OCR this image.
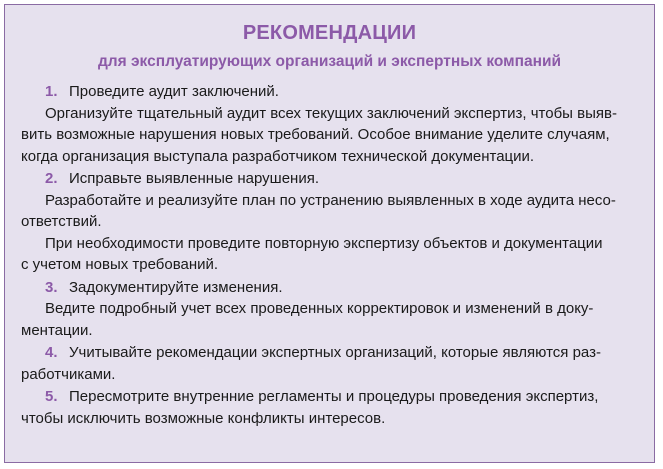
РЕКОМЕНДАЦИИ
для эксплуатирующих организаций и экспертных компаний
1. Проведите аудит заключений.
Организуйте тщательный аудит всех текущих заключений экспертиз, чтобы выяв-
вить возможные нарушения новых требований. Особое внимание уделите случаям,
когда организация выступала разработчиком технической документации.
2. Исправьте выявленные нарушения.
Разработайте и реализуйте план по устранению выявленных в ходе аудита несо-
ответствий.
При необходимости проведите повторную экспертизу объектов и документации
с учетом новых требований.
3. Задокументируйте изменения.
Ведите подробный учет всех проведенных корректировок и изменений в доку-
ментации.
4. Учитывайте рекомендации экспертных организаций, которые являются раз-
работчиками.
5. Пересмотрите внутренние регламенты и процедуры проведения экспертиз,
чтобы исключить возможные конфликты интересов.
